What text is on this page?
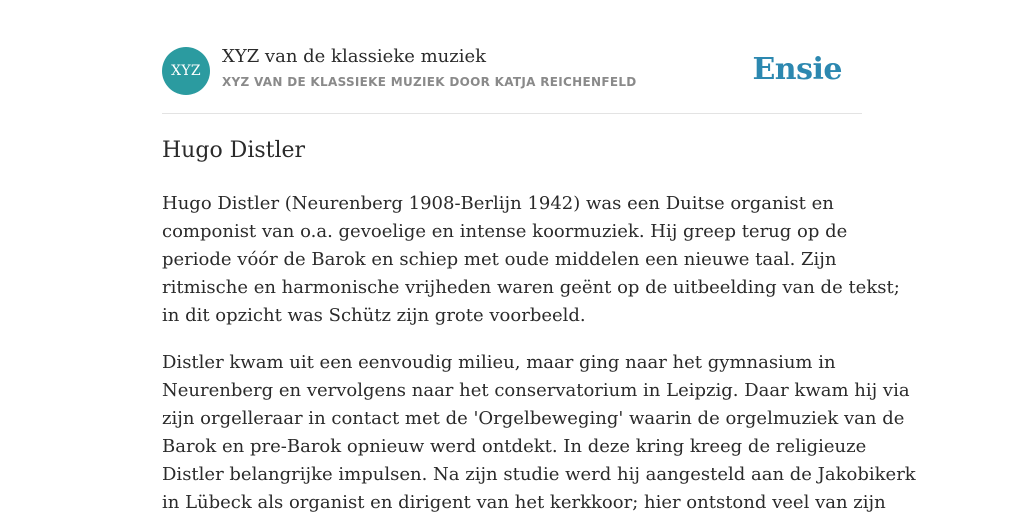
XYZ
XYZ van de klassieke muziek
XYZ VAN DE KLASSIEKE MUZIEK DOOR KATJA REICHENFELD	Ensie
Hugo Distler

Hugo Distler (Neurenberg 1908-Berlijn 1942) was een Duitse organist en
componist van o.a. gevoelige en intense koormuziek. Hij greep terug op de
periode vóór de Barok en schiep met oude middelen een nieuwe taal. Zijn
ritmische en harmonische vrijheden waren geënt op de uitbeelding van de tekst;
in dit opzicht was Schütz zijn grote voorbeeld.

Distler kwam uit een eenvoudig milieu, maar ging naar het gymnasium in
Neurenberg en vervolgens naar het conservatorium in Leipzig. Daar kwam hij via
zijn orgelleraar in contact met de 'Orgelbeweging' waarin de orgelmuziek van de
Barok en pre-Barok opnieuw werd ontdekt. In deze kring kreeg de religieuze
Distler belangrijke impulsen. Na zijn studie werd hij aangesteld aan de Jakobikerk
in Lübeck als organist en dirigent van het kerkkoor; hier ontstond veel van zijn
